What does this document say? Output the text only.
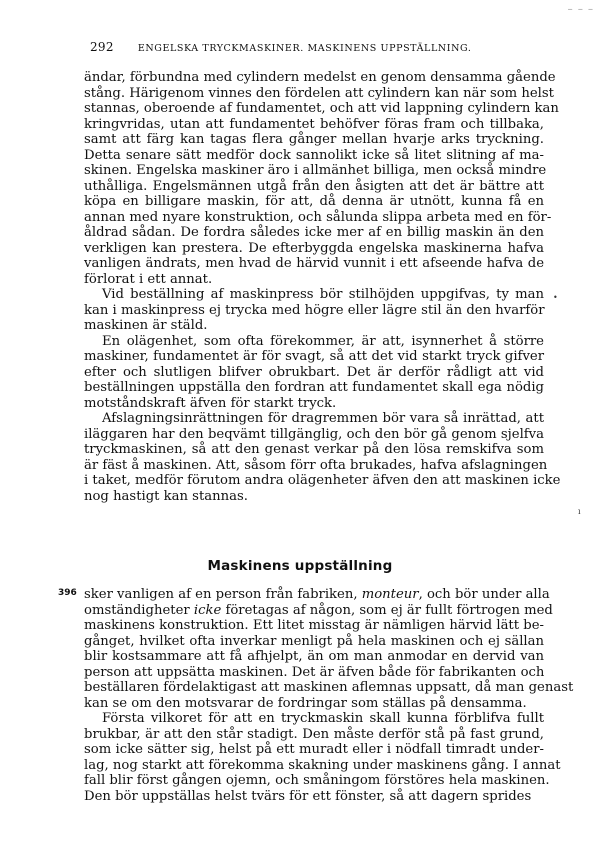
– – –
292	ENGELSKA TRYCKMASKINER. MASKINENS UPPSTÄLLNING.
ändar, förbundna med cylindern medelst en genom densamma gående
stång. Härigenom vinnes den fördelen att cylindern kan när som helst
stannas, oberoende af fundamentet, och att vid lappning cylindern kan
kringvridas, utan att fundamentet behöfver föras fram och tillbaka,
samt att färg kan tagas flera gånger mellan hvarje arks tryckning.
Detta senare sätt medför dock sannolikt icke så litet slitning af ma-
skinen. Engelska maskiner äro i allmänhet billiga, men också mindre
uthålliga. Engelsmännen utgå från den åsigten att det är bättre att
köpa en billigare maskin, för att, då denna är utnött, kunna få en
annan med nyare konstruktion, och sålunda slippa arbeta med en för-
åldrad sådan. De fordra således icke mer af en billig maskin än den
verkligen kan prestera. De efterbyggda engelska maskinerna hafva
vanligen ändrats, men hvad de härvid vunnit i ett afseende hafva de
förlorat i ett annat.
Vid beställning af maskinpress bör stilhöjden uppgifvas, ty man
kan i maskinpress ej trycka med högre eller lägre stil än den hvarför
maskinen är stäld.
En olägenhet, som ofta förekommer, är att, isynnerhet å större
maskiner, fundamentet är för svagt, så att det vid starkt tryck gifver
efter och slutligen blifver obrukbart. Det är derför rådligt att vid
beställningen uppställa den fordran att fundamentet skall ega nödig
motståndskraft äfven för starkt tryck.
Afslagningsinrättningen för dragremmen bör vara så inrättad, att
iläggaren har den beqvämt tillgänglig, och den bör gå genom sjelfva
tryckmaskinen, så att den genast verkar på den lösa remskifva som
är fäst å maskinen. Att, såsom förr ofta brukades, hafva afslagningen
i taket, medför förutom andra olägenheter äfven den att maskinen icke
nog hastigt kan stannas.
Maskinens uppställning
396 sker vanligen af en person från fabriken, monteur, och bör under alla
omständigheter icke företagas af någon, som ej är fullt förtrogen med
maskinens konstruktion. Ett litet misstag är nämligen härvid lätt be-
gånget, hvilket ofta inverkar menligt på hela maskinen och ej sällan
blir kostsammare att få afhjelpt, än om man anmodar en dervid van
person att uppsätta maskinen. Det är äfven både för fabrikanten och
beställaren fördelaktigast att maskinen aflemnas uppsatt, då man genast
kan se om den motsvarar de fordringar som ställas på densamma.
Första vilkoret för att en tryckmaskin skall kunna förblifva fullt
brukbar, är att den står stadigt. Den måste derför stå på fast grund,
som icke sätter sig, helst på ett muradt eller i nödfall timradt under-
lag, nog starkt att förekomma skakning under maskinens gång. I annat
fall blir först gången ojemn, och småningom förstöres hela maskinen.
Den bör uppställas helst tvärs för ett fönster, så att dagern sprides
•
ı
